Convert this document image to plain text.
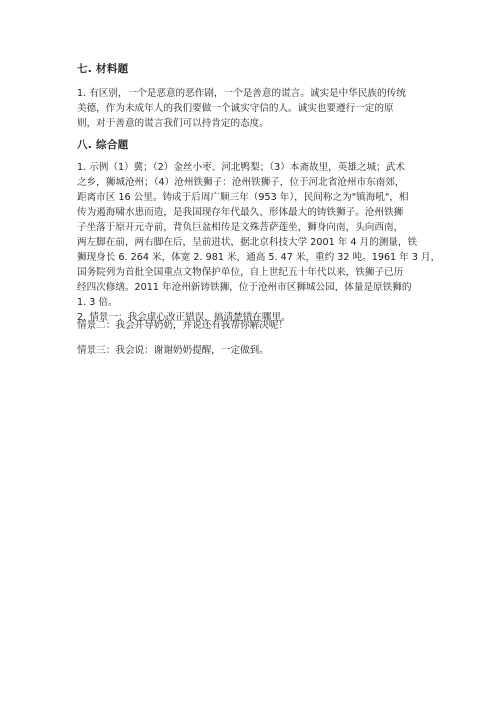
七. 材料题
1. 有区别，一个是恶意的恶作剧，一个是善意的谎言。诚实是中华民族的传统
美德，作为未成年人的我们要做一个诚实守信的人。诚实也要遵行一定的原
则，对于善意的谎言我们可以持肯定的态度。
八. 综合题
1. 示例（1）冀；（2）金丝小枣、河北鸭梨；（3）本斋故里，英雄之城；武术
之乡，狮城沧州；（4）沧州铁狮子：沧州铁狮子，位于河北省沧州市东南郊，
距离市区 16 公里。铸成于后周广顺三年（953 年），民间称之为"镇海吼"，相
传为遏海啸水患而造，是我国现存年代最久、形体最大的铸铁狮子。沧州铁狮
子坐落于原开元寺前，背负巨盆相传是文殊菩萨莲坐，狮身向南，头向西南，
两左脚在前，两右脚在后，呈前进状，据北京科技大学 2001 年 4 月的测量，铁
狮现身长 6. 264 米，体宽 2. 981 米，通高 5. 47 米，重约 32 吨。1961 年 3 月，
国务院列为首批全国重点文物保护单位，自上世纪五十年代以来，铁狮子已历
经四次修缮。2011 年沧州新铸铁狮，位于沧州市区狮城公园，体量是原铁狮的
1. 3 倍。
2. 情景一：我会虚心改正错误，搞清楚错在哪里。
情景二：我会开导奶奶，并说还有我帮你解决呢！
情景三：我会说：谢谢奶奶提醒，一定做到。
